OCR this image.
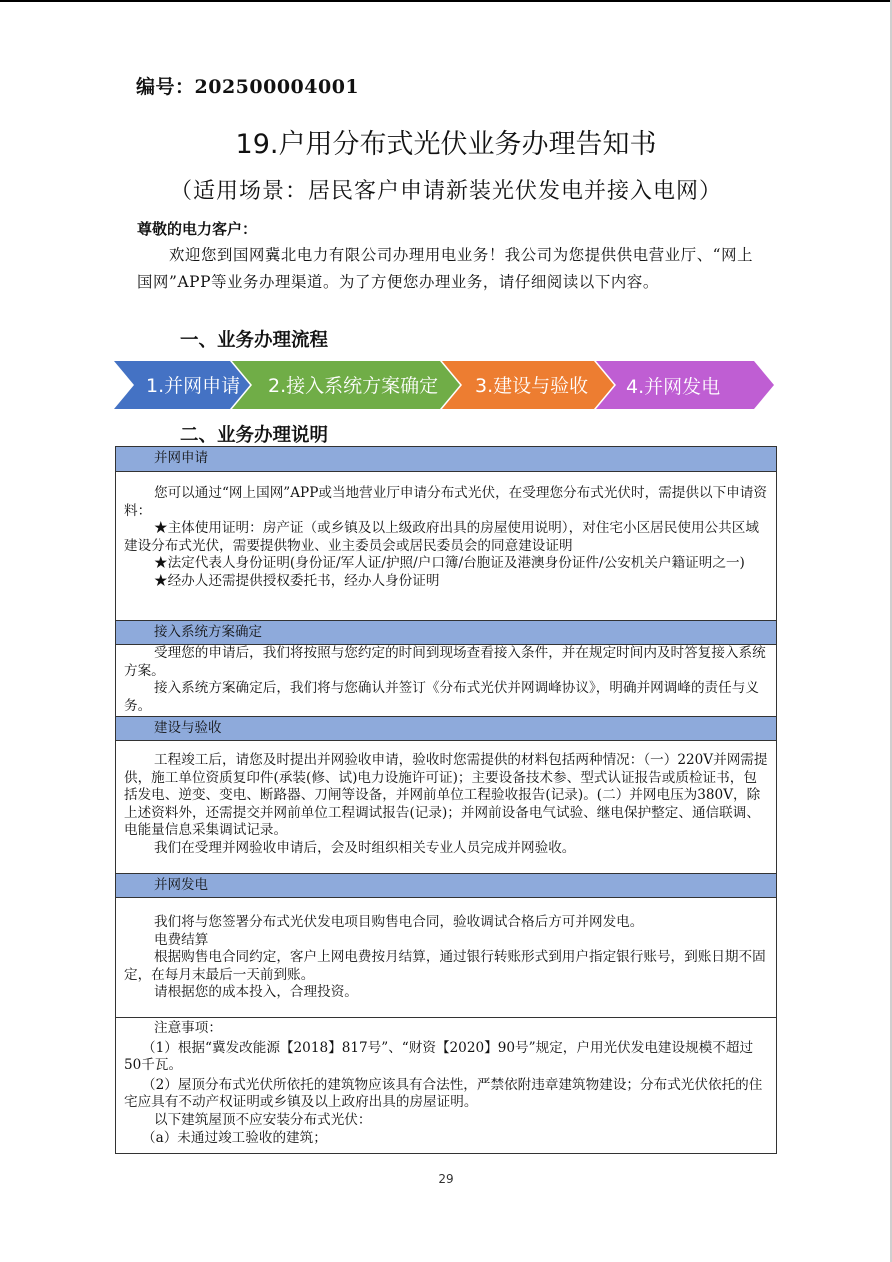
编号：202500004001
19.户用分布式光伏业务办理告知书
（适用场景：居民客户申请新装光伏发电并接入电网）
尊敬的电力客户：
欢迎您到国网冀北电力有限公司办理用电业务！我公司为您提供供电营业厅、“网上国网”APP等业务办理渠道。为了方便您办理业务，请仔细阅读以下内容。
一、业务办理流程
1.并网申请 2.接入系统方案确定 3.建设与验收 4.并网发电
二、业务办理说明
并网申请

您可以通过“网上国网”APP或当地营业厅申请分布式光伏，在受理您分布式光伏时，需提供以下申请资料：

★主体使用证明：房产证（或乡镇及以上级政府出具的房屋使用说明），对住宅小区居民使用公共区域建设分布式光伏，需要提供物业、业主委员会或居民委员会的同意建设证明

★法定代表人身份证明(身份证/军人证/护照/户口簿/台胞证及港澳身份证件/公安机关户籍证明之一)

★经办人还需提供授权委托书，经办人身份证明

接入系统方案确定

受理您的申请后，我们将按照与您约定的时间到现场查看接入条件，并在规定时间内及时答复接入系统方案。

接入系统方案确定后，我们将与您确认并签订《分布式光伏并网调峰协议》，明确并网调峰的责任与义务。

建设与验收

工程竣工后，请您及时提出并网验收申请，验收时您需提供的材料包括两种情况：（一）220V并网需提供，施工单位资质复印件(承装(修、试)电力设施许可证)；主要设备技术参、型式认证报告或质检证书，包括发电、逆变、变电、断路器、刀闸等设备，并网前单位工程验收报告(记录)。(二）并网电压为380V，除上述资料外，还需提交并网前单位工程调试报告(记录)；并网前设备电气试验、继电保护整定、通信联调、电能量信息采集调试记录。

我们在受理并网验收申请后，会及时组织相关专业人员完成并网验收。

并网发电

我们将与您签署分布式光伏发电项目购售电合同，验收调试合格后方可并网发电。

电费结算

根据购售电合同约定，客户上网电费按月结算，通过银行转账形式到用户指定银行账号，到账日期不固定，在每月末最后一天前到账。

请根据您的成本投入，合理投资。

注意事项：

（1）根据“冀发改能源【2018】817号”、“财资【2020】90号”规定，户用光伏发电建设规模不超过50千瓦。

（2）屋顶分布式光伏所依托的建筑物应该具有合法性，严禁依附违章建筑物建设；分布式光伏依托的住宅应具有不动产权证明或乡镇及以上政府出具的房屋证明。

以下建筑屋顶不应安装分布式光伏：

（a）未通过竣工验收的建筑；

29
